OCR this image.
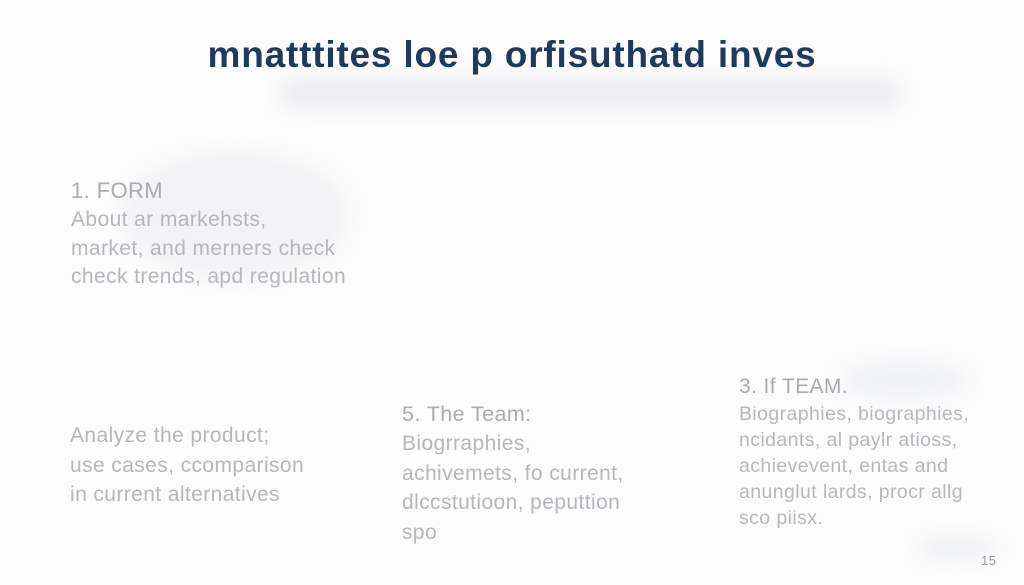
mnatttites loe p orfisuthatd inves
1. FORM
About ar markehsts,
market, and merners check
check trends, apd regulation
Analyze the product;
use cases, ccomparison
in current alternatives
5. The Team:
Biogrraphies,
achivemets, fo current,
dlccstutioon, peputtion
spo
3. If TEAM.
Biographies, biographies,
ncidants, al paylr atioss,
achievevent, entas and
anunglut lards, procr allg
sco piisx.
15
